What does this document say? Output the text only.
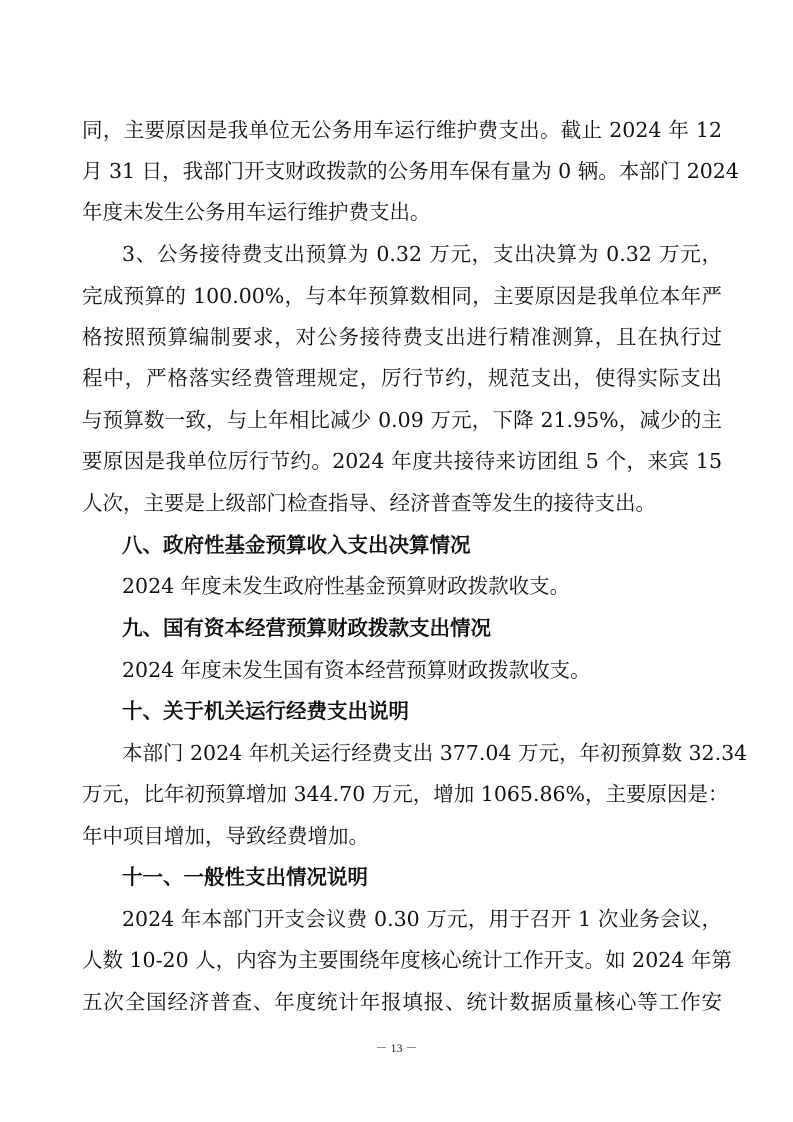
同，主要原因是我单位无公务用车运行维护费支出。截止 2024 年 12
月 31 日，我部门开支财政拨款的公务用车保有量为 0 辆。本部门 2024
年度未发生公务用车运行维护费支出。
3、公务接待费支出预算为 0.32 万元，支出决算为 0.32 万元，
完成预算的 100.00%，与本年预算数相同，主要原因是我单位本年严
格按照预算编制要求，对公务接待费支出进行精准测算，且在执行过
程中，严格落实经费管理规定，厉行节约，规范支出，使得实际支出
与预算数一致，与上年相比减少 0.09 万元，下降 21.95%，减少的主
要原因是我单位厉行节约。2024 年度共接待来访团组 5 个，来宾 15
人次，主要是上级部门检查指导、经济普查等发生的接待支出。
八、政府性基金预算收入支出决算情况
2024 年度未发生政府性基金预算财政拨款收支。
九、国有资本经营预算财政拨款支出情况
2024 年度未发生国有资本经营预算财政拨款收支。
十、关于机关运行经费支出说明
本部门 2024 年机关运行经费支出 377.04 万元，年初预算数 32.34
万元，比年初预算增加 344.70 万元，增加 1065.86%，主要原因是：
年中项目增加，导致经费增加。
十一、一般性支出情况说明
2024 年本部门开支会议费 0.30 万元，用于召开 1 次业务会议，
人数 10-20 人，内容为主要围绕年度核心统计工作开支。如 2024 年第
五次全国经济普查、年度统计年报填报、统计数据质量核心等工作安
－ 13 －
